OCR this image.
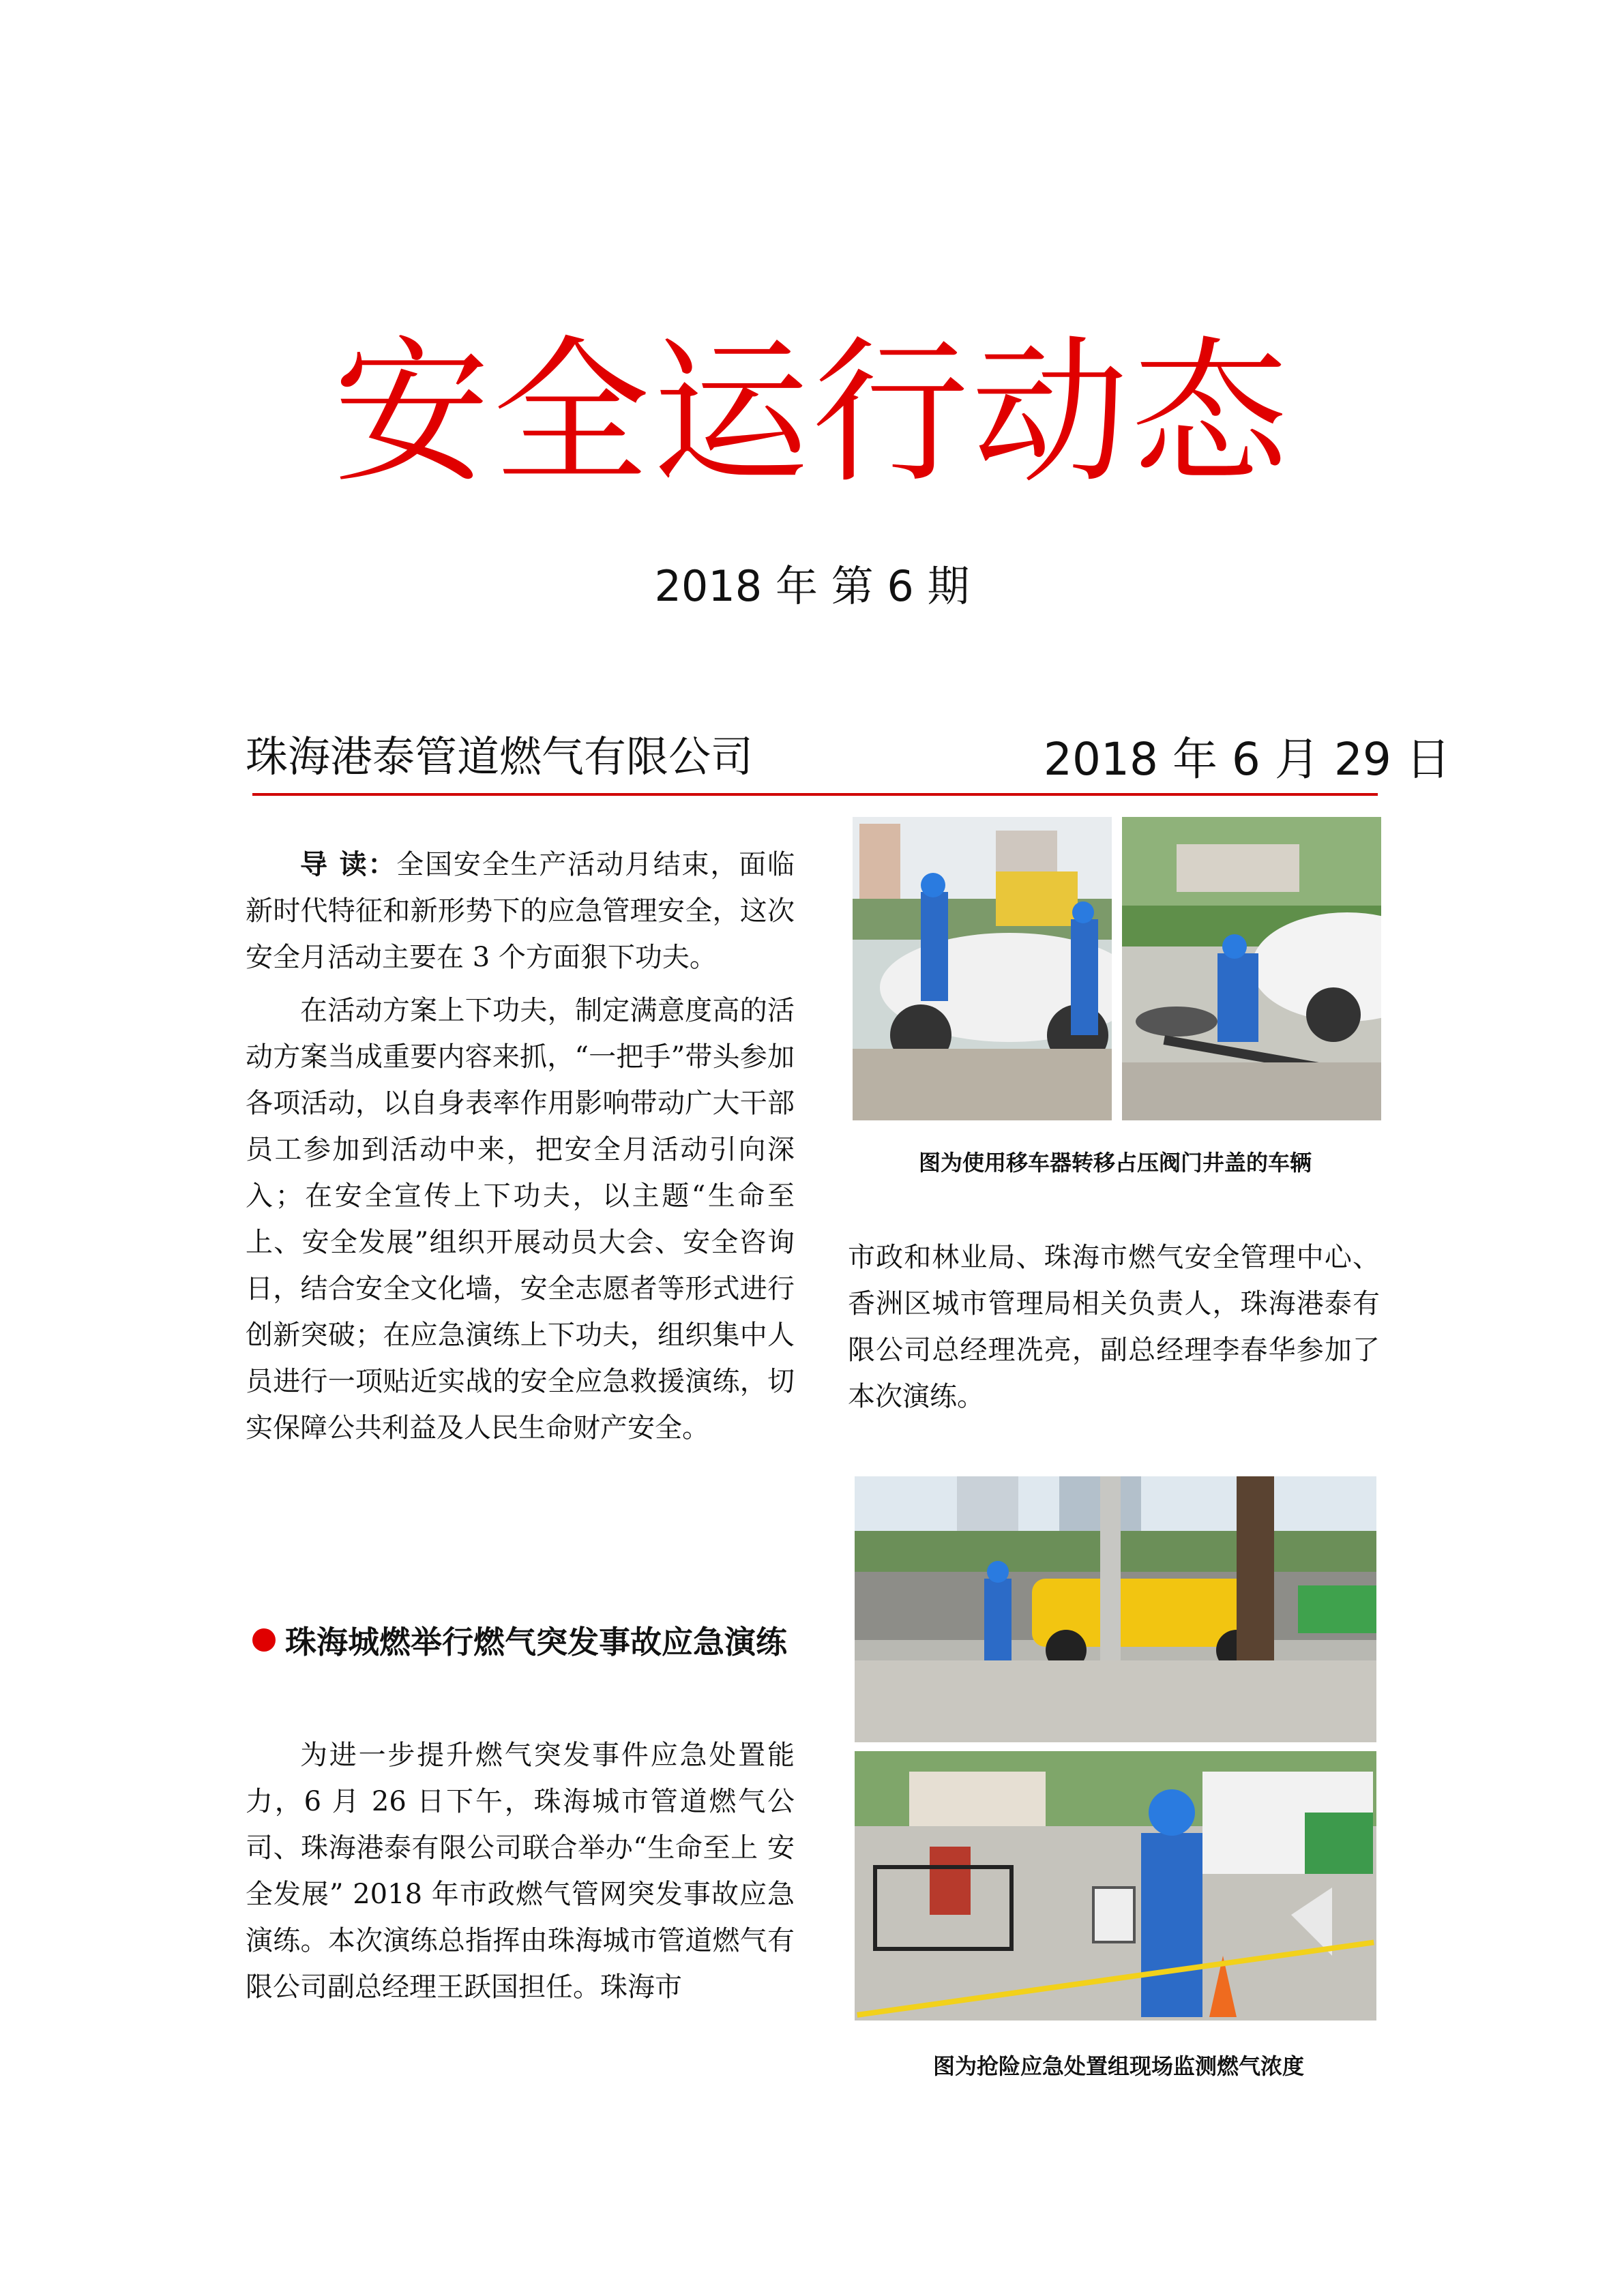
安全运行动态
2018 年 第 6 期
珠海港泰管道燃气有限公司	2018 年 6 月 29 日

导 读：全国安全生产活动月结束，面临新时代特征和新形势下的应急管理安全，这次安全月活动主要在 3 个方面狠下功夫。

在活动方案上下功夫，制定满意度高的活动方案当成重要内容来抓，“一把手”带头参加各项活动，以自身表率作用影响带动广大干部员工参加到活动中来，把安全月活动引向深入；在安全宣传上下功夫，以主题“生命至上、安全发展”组织开展动员大会、安全咨询日，结合安全文化墙，安全志愿者等形式进行创新突破；在应急演练上下功夫，组织集中人员进行一项贴近实战的安全应急救援演练，切实保障公共利益及人民生命财产安全。

珠海城燃举行燃气突发事故应急演练

为进一步提升燃气突发事件应急处置能力，6 月 26 日下午，珠海城市管道燃气公司、珠海港泰有限公司联合举办“生命至上 安全发展” 2018 年市政燃气管网突发事故应急演练。本次演练总指挥由珠海城市管道燃气有限公司副总经理王跃国担任。珠海市

图为使用移车器转移占压阀门井盖的车辆

市政和林业局、珠海市燃气安全管理中心、香洲区城市管理局相关负责人，珠海港泰有限公司总经理冼亮，副总经理李春华参加了本次演练。

图为抢险应急处置组现场监测燃气浓度
